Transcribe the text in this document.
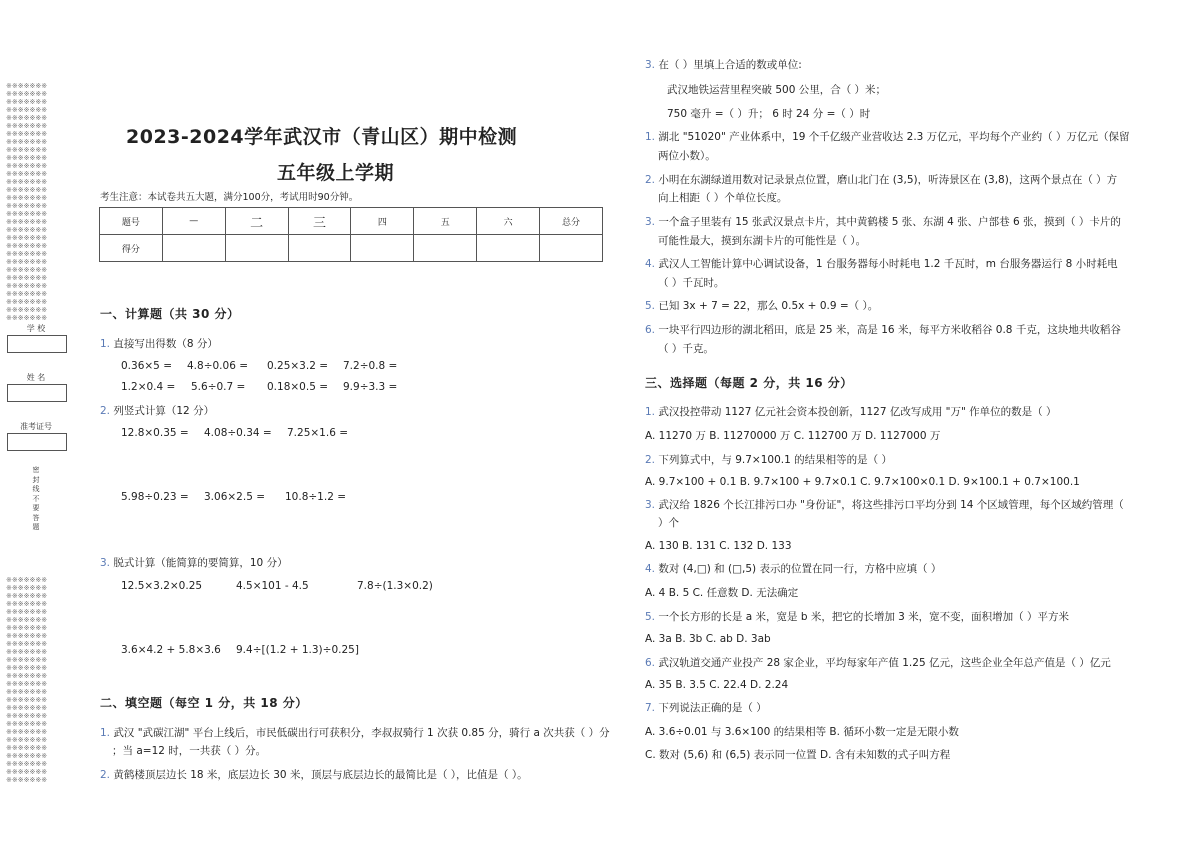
※※※※※※※
※※※※※※※
※※※※※※※
※※※※※※※
※※※※※※※
※※※※※※※
※※※※※※※
※※※※※※※
※※※※※※※
※※※※※※※
※※※※※※※
※※※※※※※
※※※※※※※
※※※※※※※
※※※※※※※
※※※※※※※
※※※※※※※
※※※※※※※
※※※※※※※
※※※※※※※
※※※※※※※
※※※※※※※
※※※※※※※
※※※※※※※
※※※※※※※
※※※※※※※
※※※※※※※
※※※※※※※
※※※※※※※
※※※※※※※
学 校
姓 名
准考证号
密
封
线
不
要
答
题
※※※※※※※
※※※※※※※
※※※※※※※
※※※※※※※
※※※※※※※
※※※※※※※
※※※※※※※
※※※※※※※
※※※※※※※
※※※※※※※
※※※※※※※
※※※※※※※
※※※※※※※
※※※※※※※
※※※※※※※
※※※※※※※
※※※※※※※
※※※※※※※
※※※※※※※
※※※※※※※
※※※※※※※
※※※※※※※
※※※※※※※
※※※※※※※
※※※※※※※
※※※※※※※
2023-2024学年武汉市（青山区）期中检测
五年级上学期
考生注意：本试卷共五大题，满分100分，考试用时90分钟。
题号	—	二	三	四	五	六	总分
得分							
一、计算题（共 30 分）
1. 直接写出得数（8 分）
0.36×5 = 4.8÷0.06 = 0.25×3.2 = 7.2÷0.8 =
1.2×0.4 = 5.6÷0.7 = 0.18×0.5 = 9.9÷3.3 =
2. 列竖式计算（12 分）
12.8×0.35 = 4.08÷0.34 = 7.25×1.6 =
5.98÷0.23 = 3.06×2.5 = 10.8÷1.2 =
3. 脱式计算（能简算的要简算，10 分）
12.5×3.2×0.25	4.5×101 - 4.5	7.8÷(1.3×0.2)
3.6×4.2 + 5.8×3.6 9.4÷[(1.2 + 1.3)÷0.25]
二、填空题（每空 1 分，共 18 分）
1. 武汉 "武碳江湖" 平台上线后，市民低碳出行可获积分，李叔叔骑行 1 次获 0.85 分，骑行 a 次共获（ ）分
；当 a=12 时，一共获（ ）分。
2. 黄鹤楼顶层边长 18 米，底层边长 30 米，顶层与底层边长的最简比是（ ），比值是（ ）。
3. 在（ ）里填上合适的数或单位:
武汉地铁运营里程突破 500 公里，合（ ）米；
750 毫升 =（ ）升； 6 时 24 分 =（ ）时
1. 湖北 "51020" 产业体系中，19 个千亿级产业营收达 2.3 万亿元，平均每个产业约（ ）万亿元（保留
两位小数）。
2. 小明在东湖绿道用数对记录景点位置，磨山北门在 (3,5)，听涛景区在 (3,8)，这两个景点在（ ）方
向上相距（ ）个单位长度。
3. 一个盒子里装有 15 张武汉景点卡片，其中黄鹤楼 5 张、东湖 4 张、户部巷 6 张，摸到（ ）卡片的
可能性最大，摸到东湖卡片的可能性是（ ）。
4. 武汉人工智能计算中心调试设备，1 台服务器每小时耗电 1.2 千瓦时，m 台服务器运行 8 小时耗电
（ ）千瓦时。
5. 已知 3x + 7 = 22，那么 0.5x + 0.9 =（ ）。
6. 一块平行四边形的湖北稻田，底是 25 米，高是 16 米，每平方米收稻谷 0.8 千克，这块地共收稻谷
（ ）千克。
三、选择题（每题 2 分，共 16 分）
1. 武汉投控带动 1127 亿元社会资本投创新，1127 亿改写成用 "万" 作单位的数是（ ）
A. 11270 万 B. 11270000 万 C. 112700 万 D. 1127000 万
2. 下列算式中，与 9.7×100.1 的结果相等的是（ ）
A. 9.7×100 + 0.1 B. 9.7×100 + 9.7×0.1 C. 9.7×100×0.1 D. 9×100.1 + 0.7×100.1
3. 武汉给 1826 个长江排污口办 "身份证"，将这些排污口平均分到 14 个区域管理，每个区域约管理（
）个
A. 130 B. 131 C. 132 D. 133
4. 数对 (4,□) 和 (□,5) 表示的位置在同一行，方格中应填（ ）
A. 4 B. 5 C. 任意数 D. 无法确定
5. 一个长方形的长是 a 米，宽是 b 米，把它的长增加 3 米，宽不变，面积增加（ ）平方米
A. 3a B. 3b C. ab D. 3ab
6. 武汉轨道交通产业投产 28 家企业，平均每家年产值 1.25 亿元，这些企业全年总产值是（ ）亿元
A. 35 B. 3.5 C. 22.4 D. 2.24
7. 下列说法正确的是（ ）
A. 3.6÷0.01 与 3.6×100 的结果相等 B. 循环小数一定是无限小数
C. 数对 (5,6) 和 (6,5) 表示同一位置 D. 含有未知数的式子叫方程
